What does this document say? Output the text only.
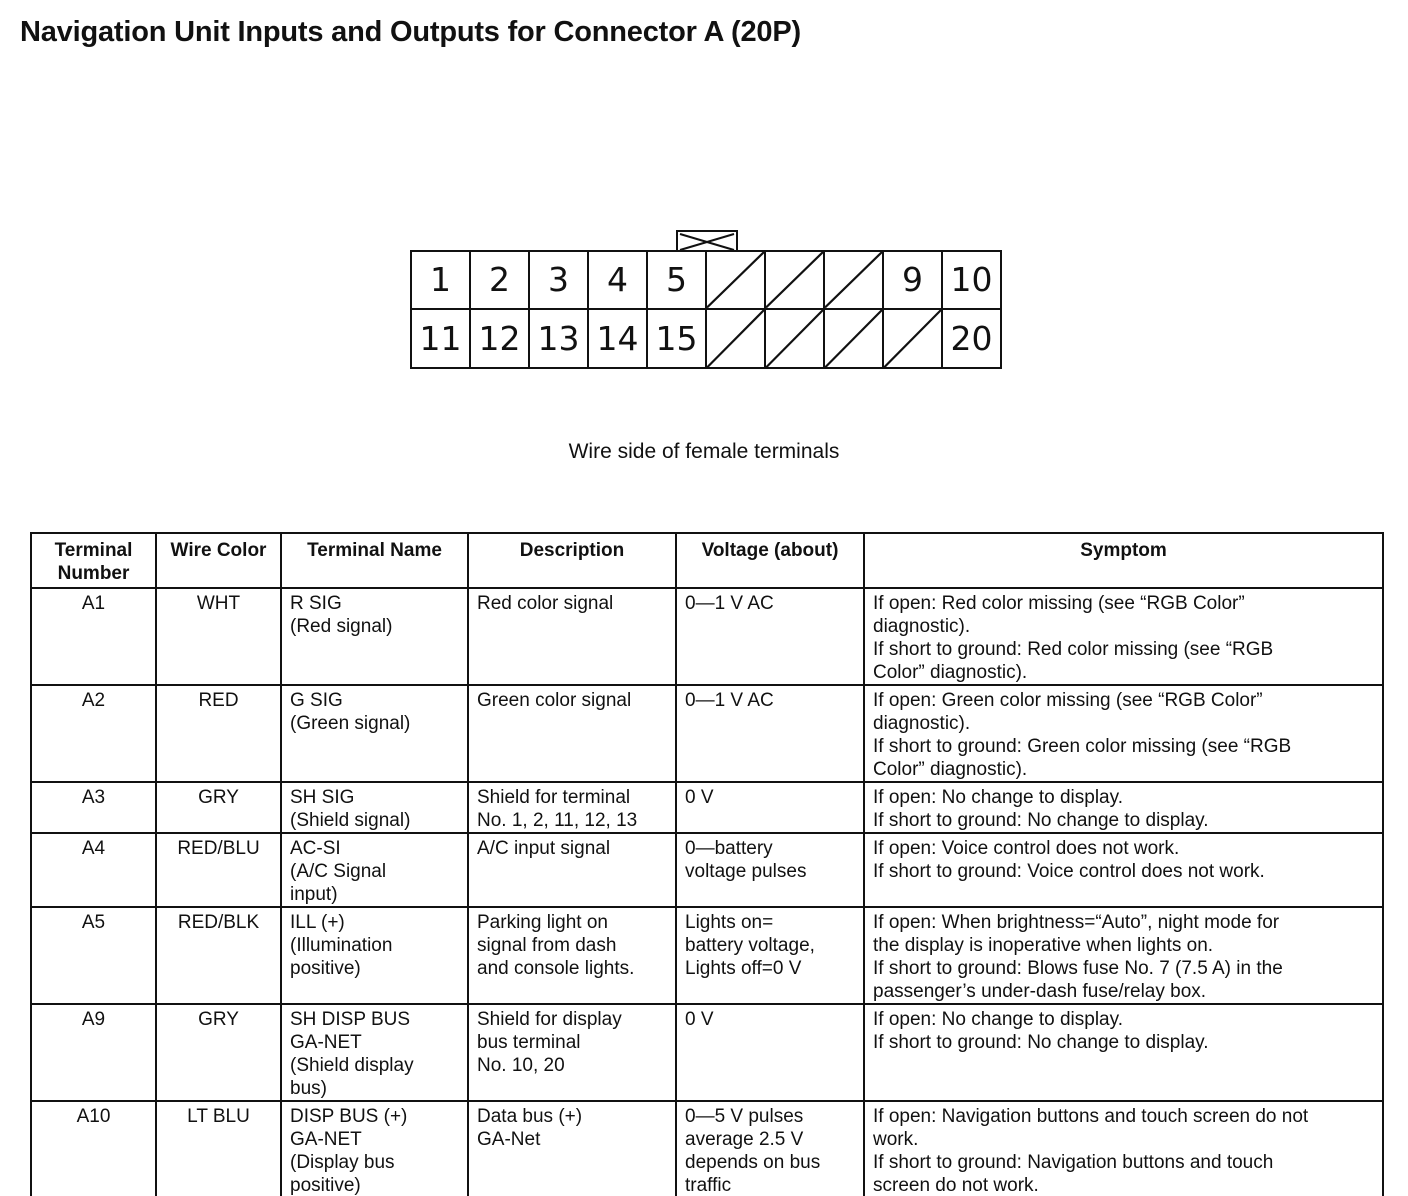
Navigation Unit Inputs and Outputs for Connector A (20P)
1	2	3	4	5	9 10
11 12 13 14 15	20
Wire side of female terminals
Terminal
Number	Wire Color	Terminal Name	Description	Voltage (about)	Symptom
A1	WHT	R SIG
(Red signal)	Red color signal	0—1 V AC	If open: Red color missing (see “RGB Color”
diagnostic).
If short to ground: Red color missing (see “RGB
Color” diagnostic).

A2	RED	G SIG
(Green signal)	Green color signal	0—1 V AC	If open: Green color missing (see “RGB Color”
diagnostic).
If short to ground: Green color missing (see “RGB
Color” diagnostic).

A3	GRY	SH SIG
(Shield signal)	Shield for terminal
No. 1, 2, 11, 12, 13	0 V	If open: No change to display.
If short to ground: No change to display.

A4	RED/BLU	AC-SI
(A/C Signal
input)	A/C input signal	0—battery
voltage pulses	If open: Voice control does not work.
If short to ground: Voice control does not work.

A5	RED/BLK	ILL (+)
(Illumination
positive)	Parking light on
signal from dash
and console lights.	Lights on=
battery voltage,
Lights off=0 V	If open: When brightness=“Auto”, night mode for
the display is inoperative when lights on.
If short to ground: Blows fuse No. 7 (7.5 A) in the
passenger’s under-dash fuse/relay box.

A9	GRY	SH DISP BUS
GA-NET
(Shield display
bus)	Shield for display
bus terminal
No. 10, 20	0 V	If open: No change to display.
If short to ground: No change to display.

A10	LT BLU	DISP BUS (+)
GA-NET
(Display bus
positive)	Data bus (+)
GA-Net	0—5 V pulses
average 2.5 V
depends on bus
traffic	If open: Navigation buttons and touch screen do not
work.
If short to ground: Navigation buttons and touch
screen do not work.
